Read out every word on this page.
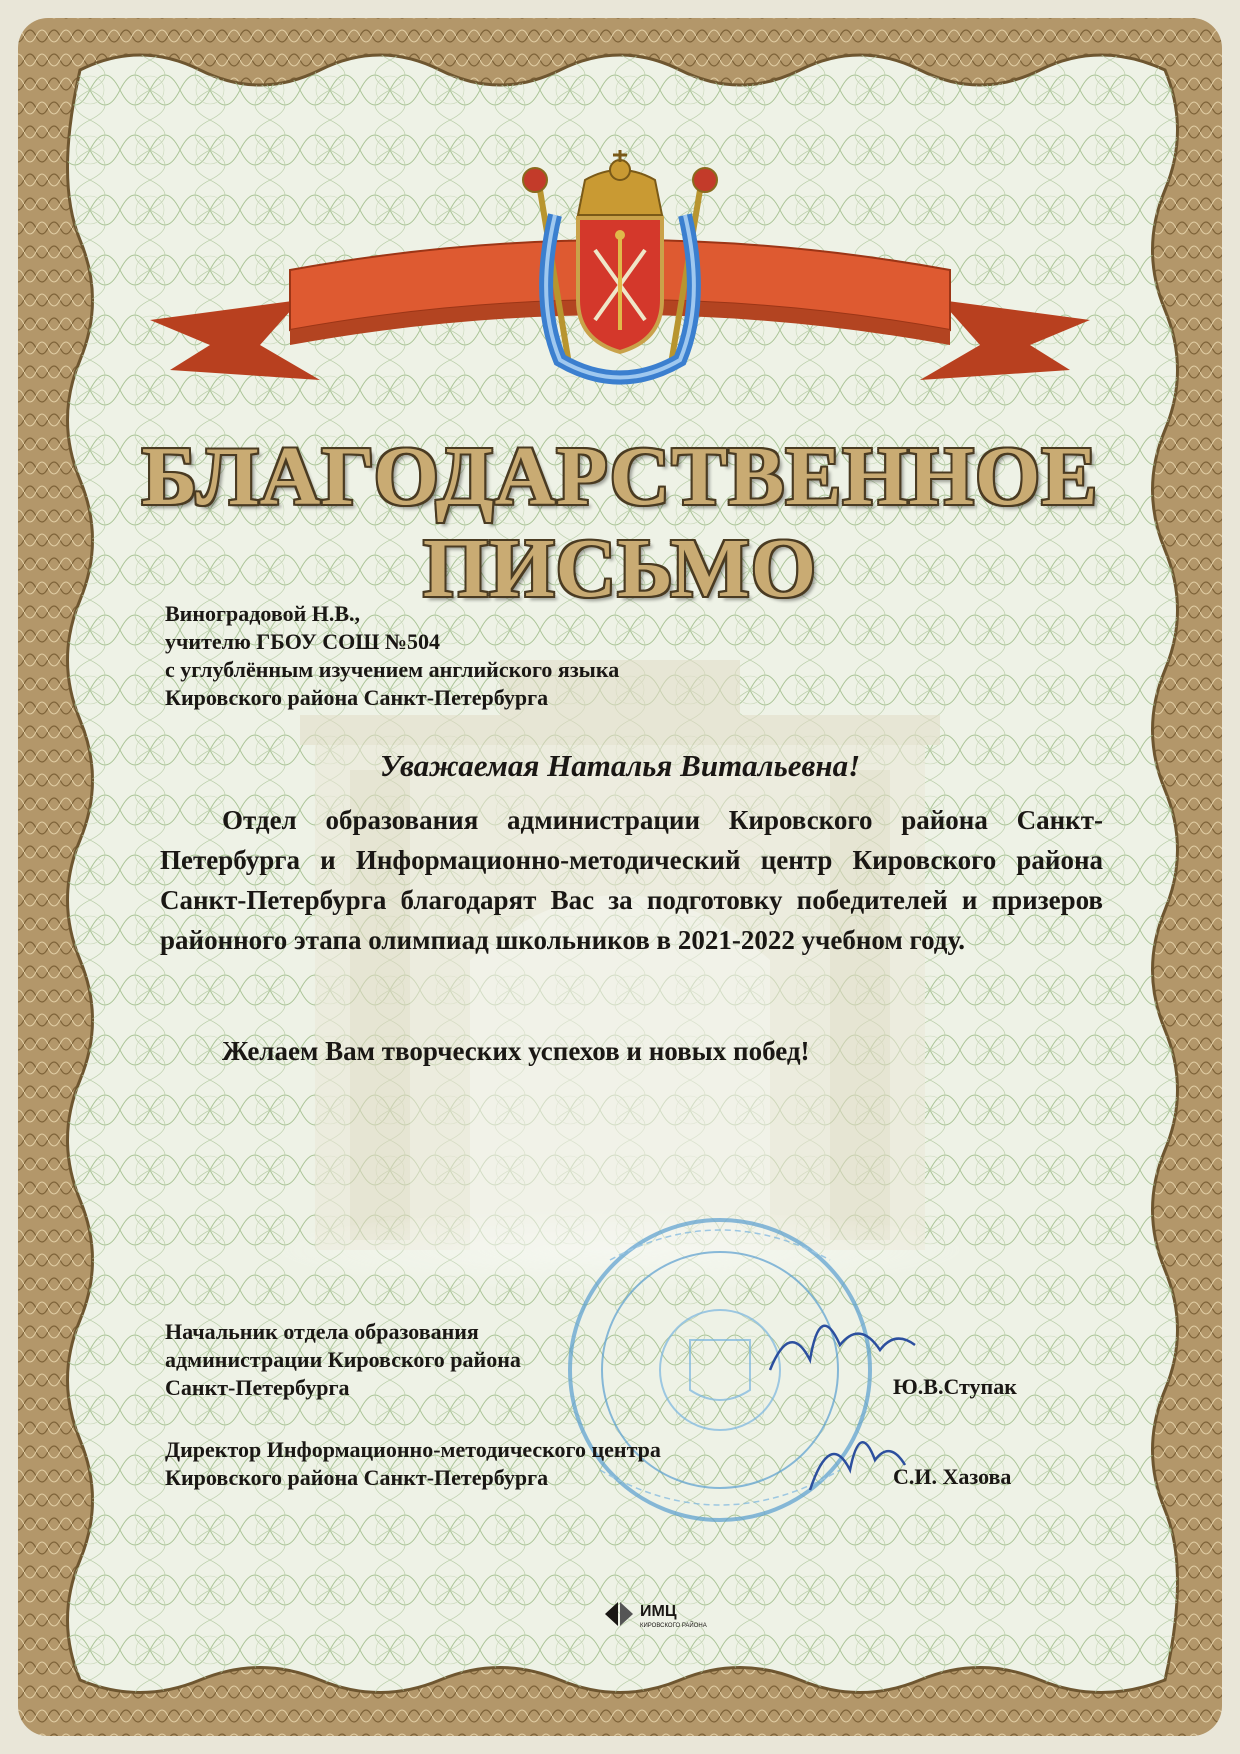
БЛАГОДАРСТВЕННОЕ
ПИСЬМО
Виноградовой Н.В.,
учителю ГБОУ СОШ №504
с углублённым изучением английского языка
Кировского района Санкт-Петербурга
Уважаемая Наталья Витальевна!

Отдел образования администрации Кировского района Санкт-Петербурга и Информационно-методический центр Кировского района Санкт-Петербурга благодарят Вас за подготовку победителей и призеров районного этапа олимпиад школьников в 2021-2022 учебном году.

Желаем Вам творческих успехов и новых побед!
Начальник отдела образования
администрации Кировского района
Санкт-Петербурга	Ю.В.Ступак
Директор Информационно-методического центра
Кировского района Санкт-Петербурга	С.И. Хазова
ИМЦ
КИРОВСКОГО РАЙОНА
